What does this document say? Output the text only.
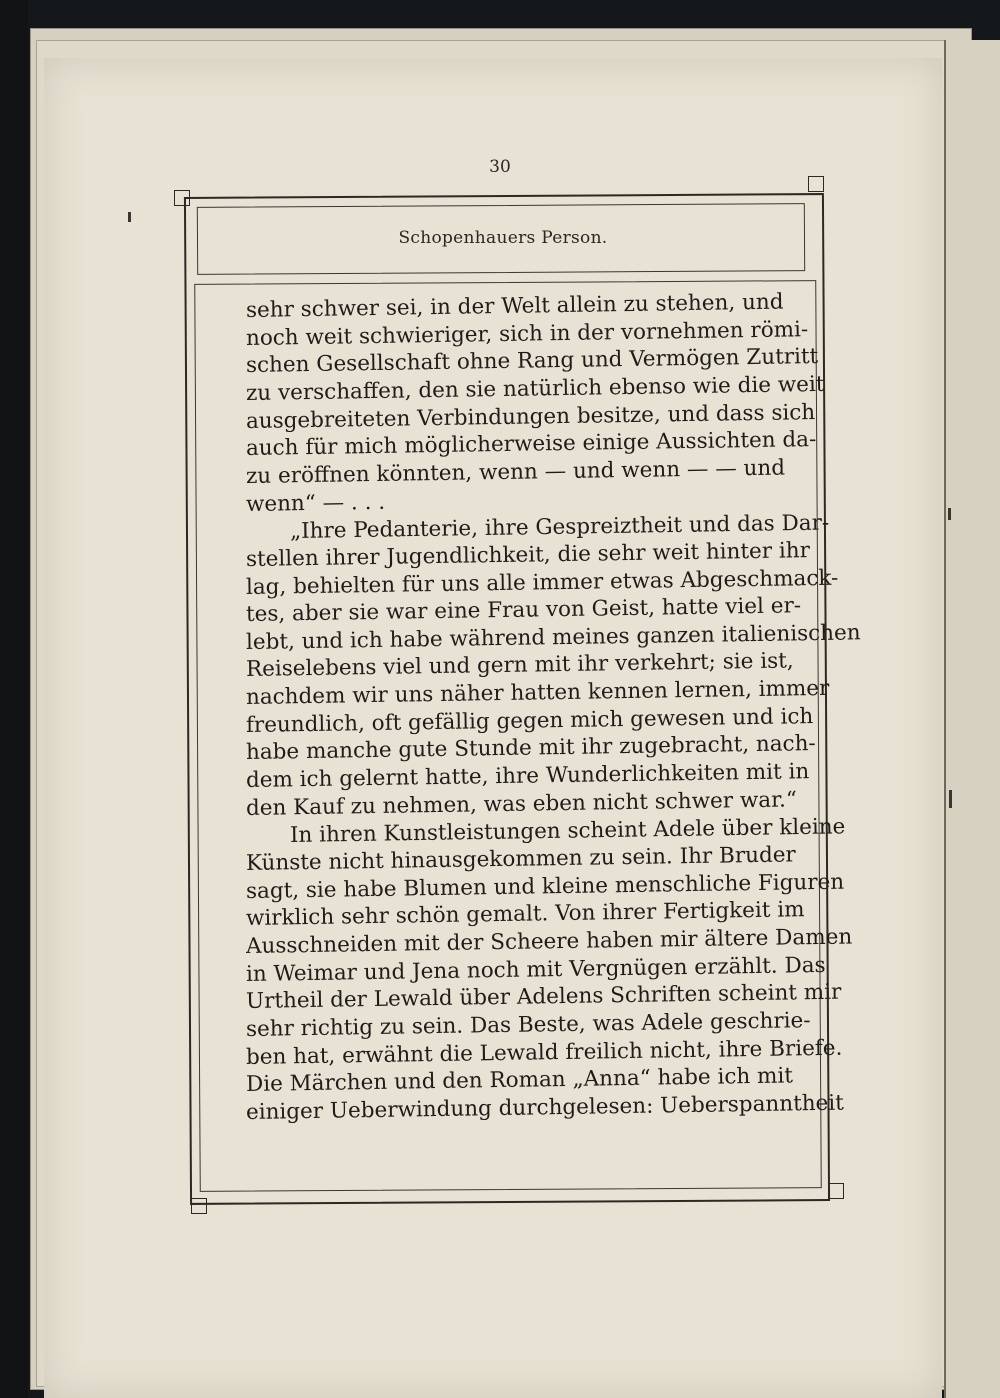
30
Schopenhauers Person.
sehr schwer sei, in der Welt allein zu stehen, und
noch weit schwieriger, sich in der vornehmen römi-
schen Gesellschaft ohne Rang und Vermögen Zutritt
zu verschaffen, den sie natürlich ebenso wie die weit
ausgebreiteten Verbindungen besitze, und dass sich
auch für mich möglicherweise einige Aussichten da-
zu eröffnen könnten, wenn — und wenn — — und
wenn“ — . . .
„Ihre Pedanterie, ihre Gespreiztheit und das Dar-
stellen ihrer Jugendlichkeit, die sehr weit hinter ihr
lag, behielten für uns alle immer etwas Abgeschmack-
tes, aber sie war eine Frau von Geist, hatte viel er-
lebt, und ich habe während meines ganzen italienischen
Reiselebens viel und gern mit ihr verkehrt; sie ist,
nachdem wir uns näher hatten kennen lernen, immer
freundlich, oft gefällig gegen mich gewesen und ich
habe manche gute Stunde mit ihr zugebracht, nach-
dem ich gelernt hatte, ihre Wunderlichkeiten mit in
den Kauf zu nehmen, was eben nicht schwer war.“
In ihren Kunstleistungen scheint Adele über kleine
Künste nicht hinausgekommen zu sein. Ihr Bruder
sagt, sie habe Blumen und kleine menschliche Figuren
wirklich sehr schön gemalt. Von ihrer Fertigkeit im
Ausschneiden mit der Scheere haben mir ältere Damen
in Weimar und Jena noch mit Vergnügen erzählt. Das
Urtheil der Lewald über Adelens Schriften scheint mir
sehr richtig zu sein. Das Beste, was Adele geschrie-
ben hat, erwähnt die Lewald freilich nicht, ihre Briefe.
Die Märchen und den Roman „Anna“ habe ich mit
einiger Ueberwindung durchgelesen: Ueberspanntheit
